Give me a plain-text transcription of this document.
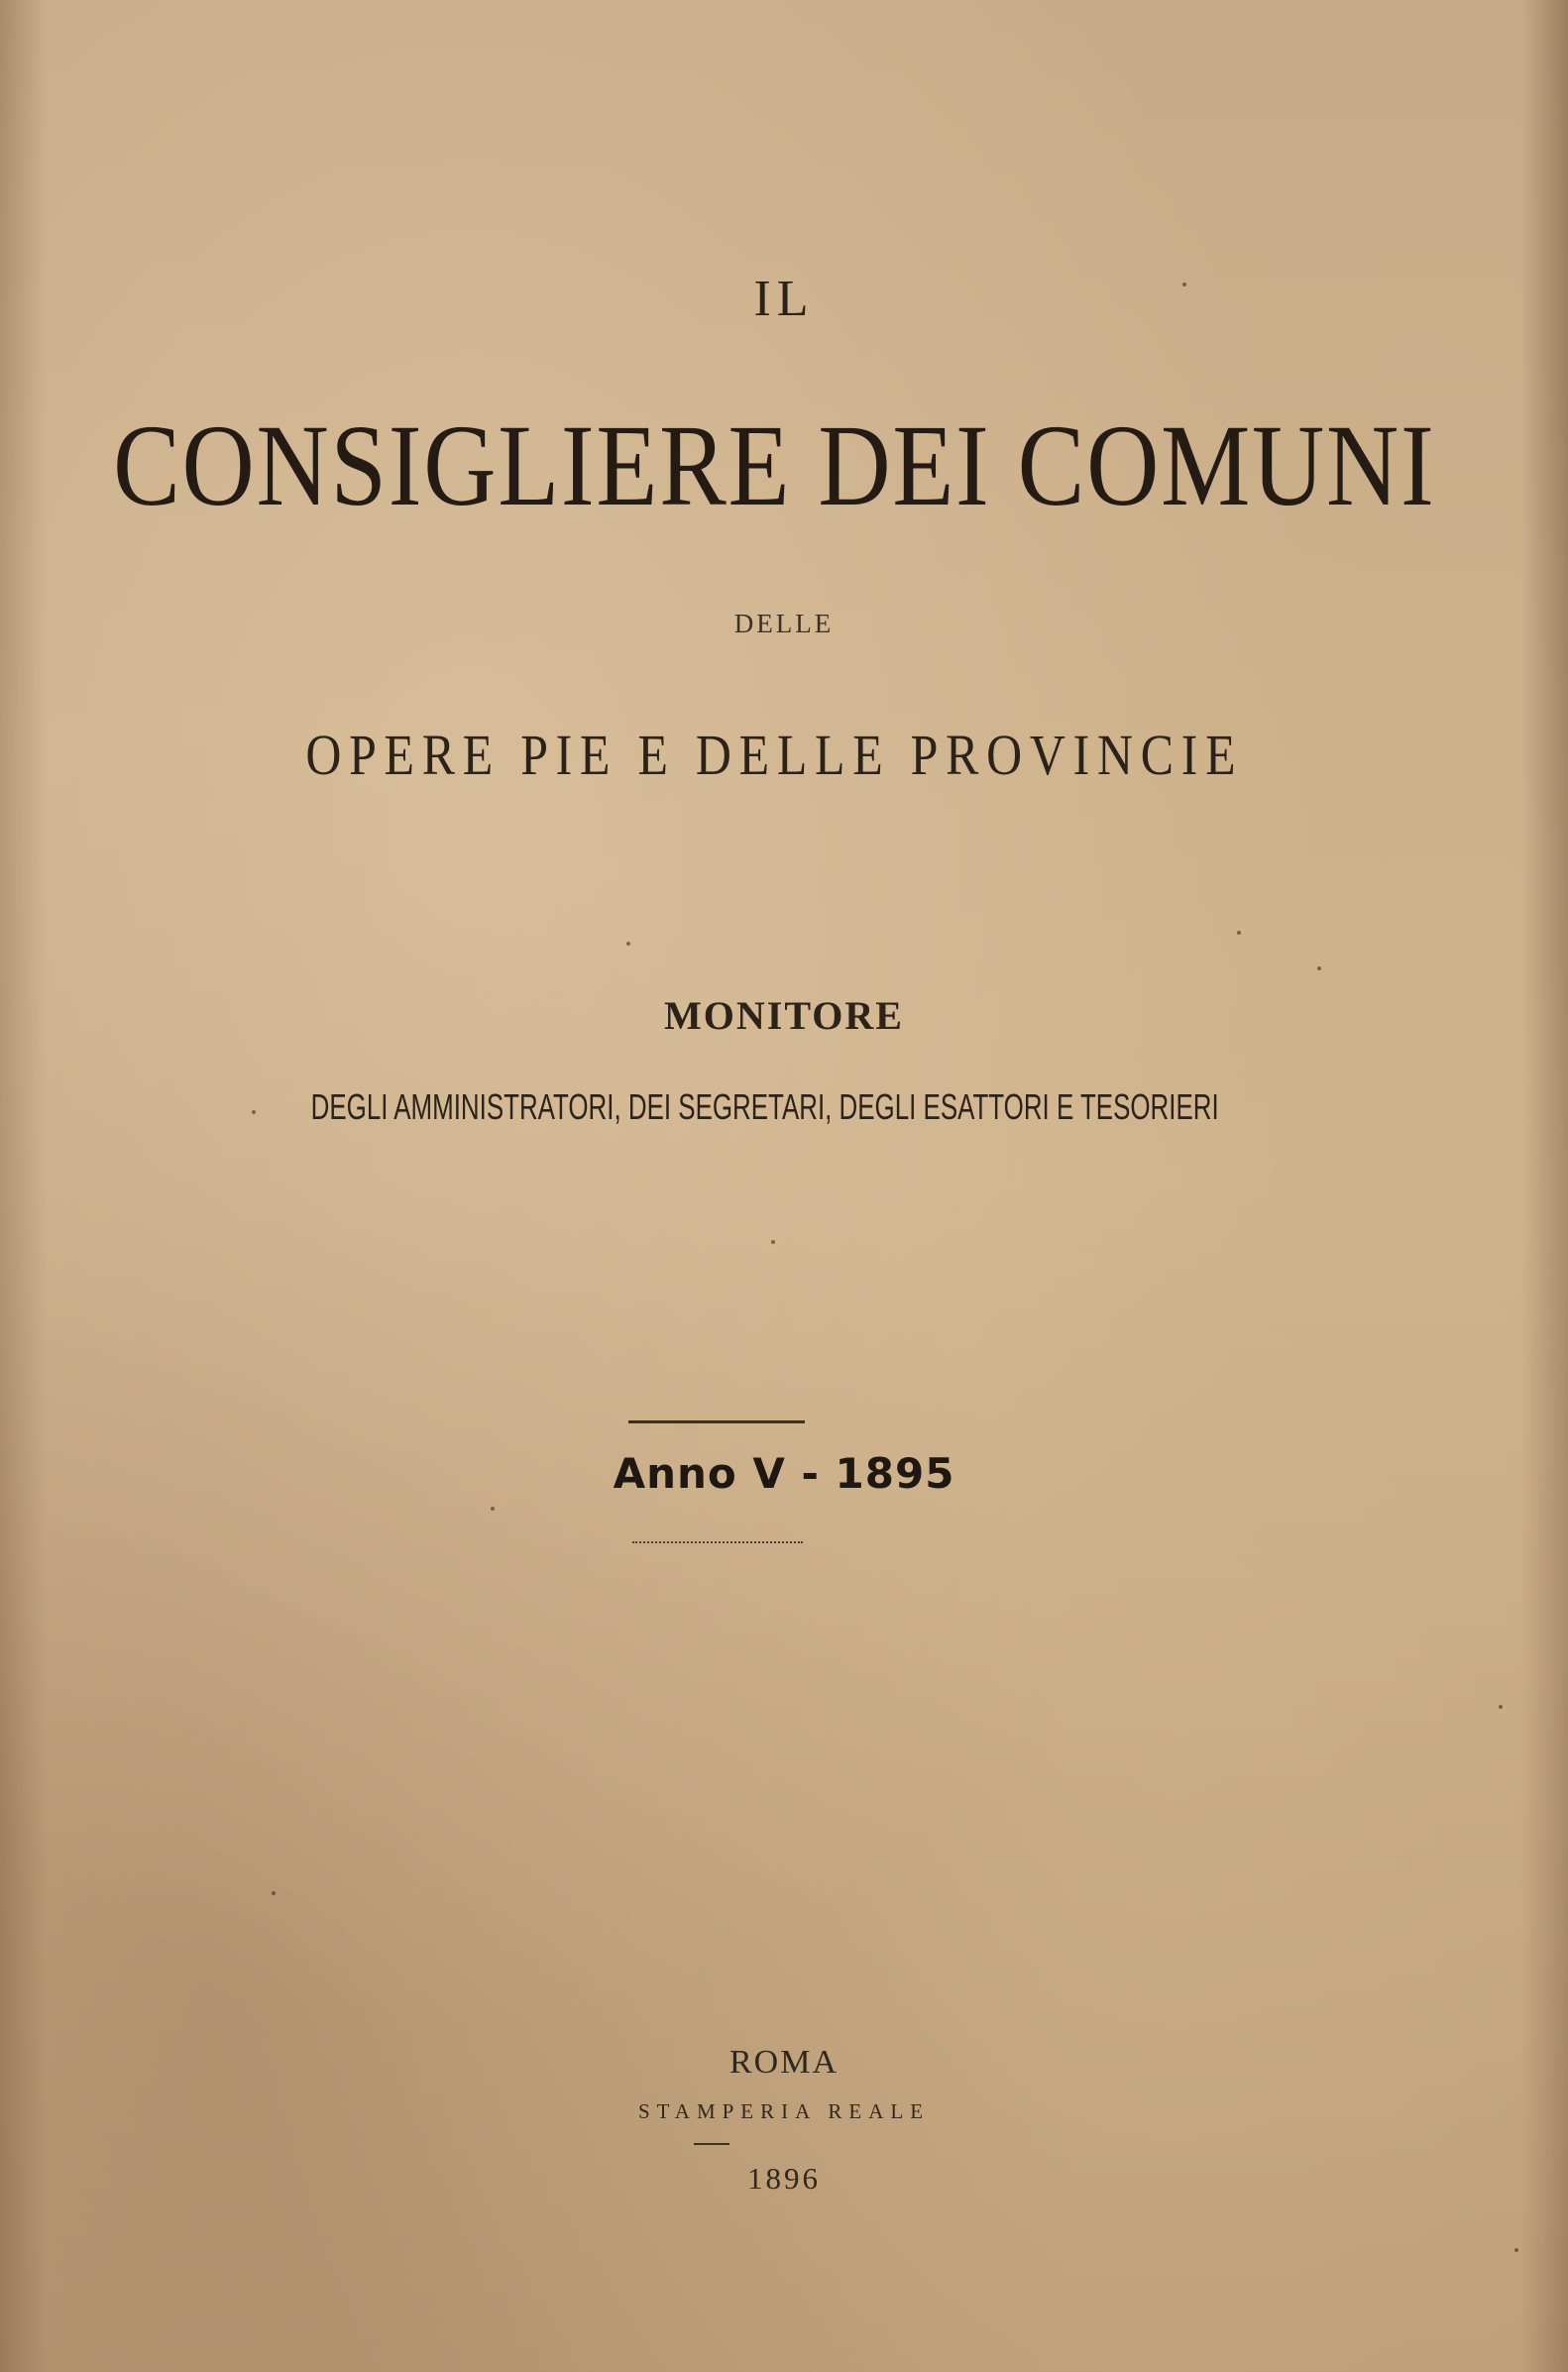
IL
CONSIGLIERE DEI COMUNI
DELLE
OPERE PIE E DELLE PROVINCIE
MONITORE
DEGLI AMMINISTRATORI, DEI SEGRETARI, DEGLI ESATTORI E TESORIERI
Anno V - 1895
ROMA
STAMPERIA REALE
1896
